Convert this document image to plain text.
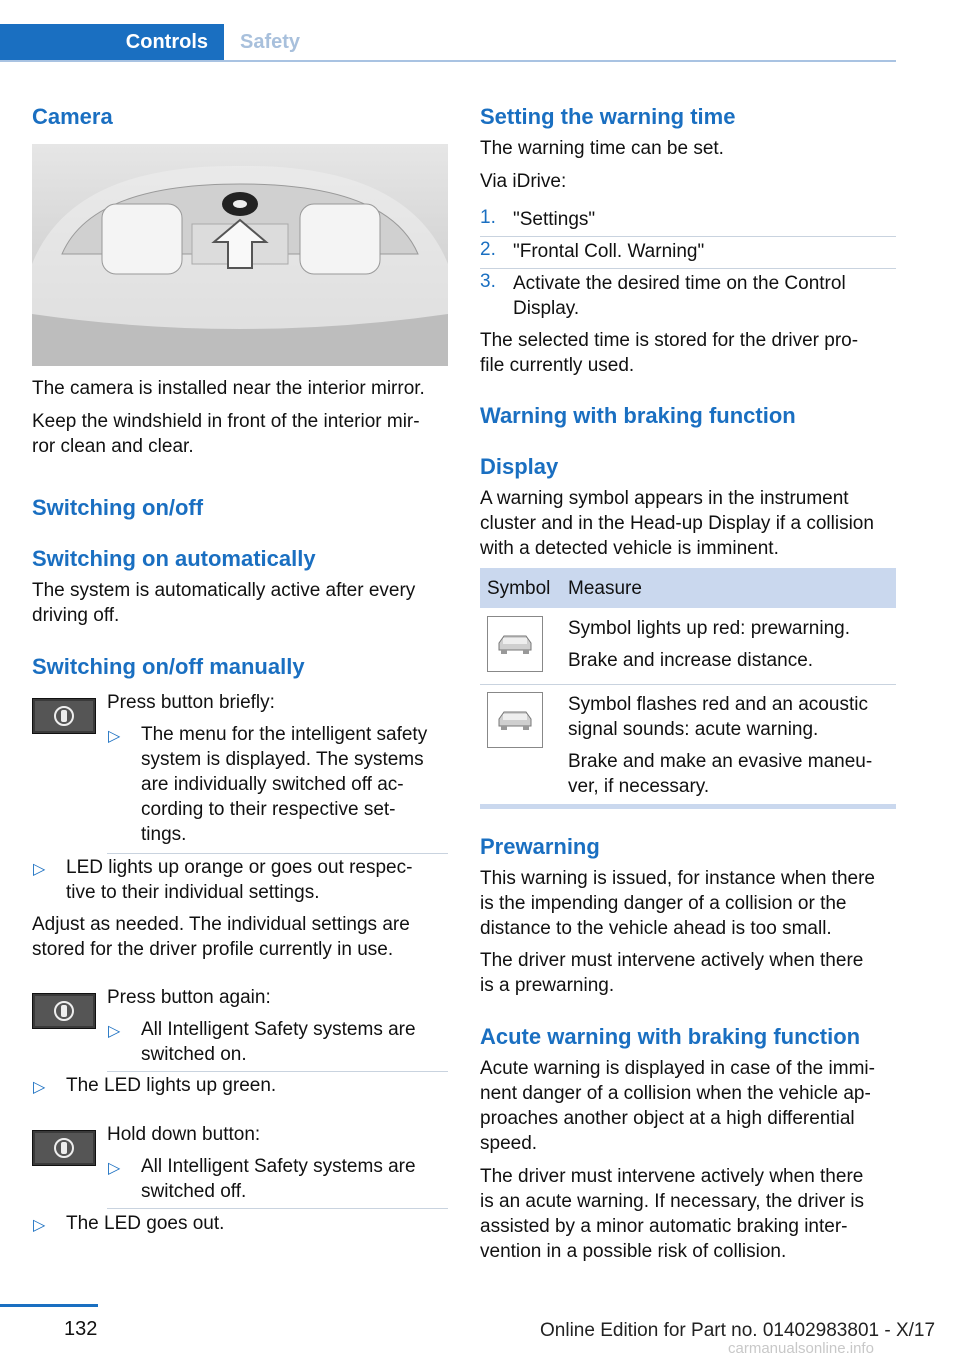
Controls Safety
Camera
The camera is installed near the interior mirror.
Keep the windshield in front of the interior mir-
ror clean and clear.
Switching on/off
Switching on automatically
The system is automatically active after every
driving off.
Switching on/off manually
Press button briefly:
▷ The menu for the intelligent safety
system is displayed. The systems
are individually switched off ac-
cording to their respective set-
tings.
▷ LED lights up orange or goes out respec-
tive to their individual settings.
Adjust as needed. The individual settings are
stored for the driver profile currently in use.
Press button again:
▷ All Intelligent Safety systems are
switched on.
▷ The LED lights up green.
Hold down button:
▷ All Intelligent Safety systems are
switched off.
▷ The LED goes out.
Setting the warning time
The warning time can be set.
Via iDrive:
1. "Settings"
2. "Frontal Coll. Warning"
3. Activate the desired time on the Control
Display.
The selected time is stored for the driver pro-
file currently used.
Warning with braking function
Display
A warning symbol appears in the instrument
cluster and in the Head-up Display if a collision
with a detected vehicle is imminent.
Symbol Measure
Symbol lights up red: prewarning.
Brake and increase distance.
Symbol flashes red and an acoustic
signal sounds: acute warning.
Brake and make an evasive maneu-
ver, if necessary.
Prewarning
This warning is issued, for instance when there
is the impending danger of a collision or the
distance to the vehicle ahead is too small.
The driver must intervene actively when there
is a prewarning.
Acute warning with braking function
Acute warning is displayed in case of the immi-
nent danger of a collision when the vehicle ap-
proaches another object at a high differential
speed.
The driver must intervene actively when there
is an acute warning. If necessary, the driver is
assisted by a minor automatic braking inter-
vention in a possible risk of collision.
132	Online Edition for Part no. 01402983801 - X/17
carmanualsonline.info
